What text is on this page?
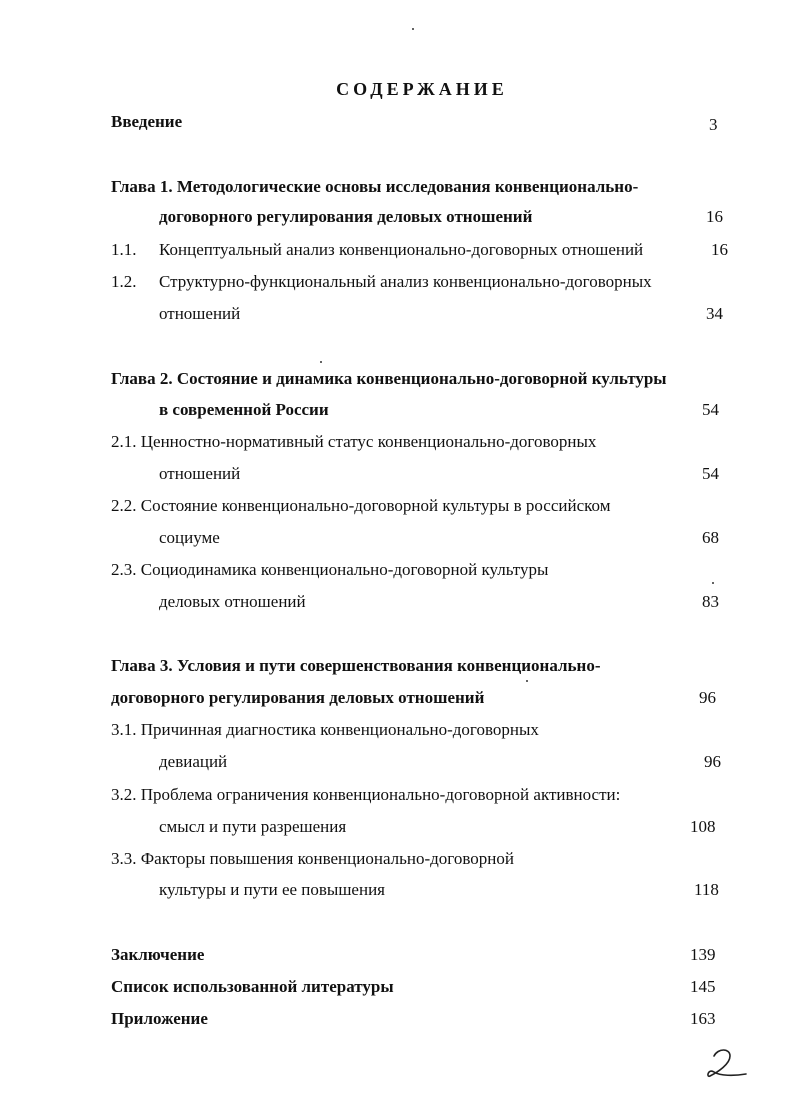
СОДЕРЖАНИЕ
Введение	3
Глава 1. Методологические основы исследования конвенционально-
договорного регулирования деловых отношений	16
1.1. Концептуальный анализ конвенционально-договорных отношений	16
1.2. Структурно-функциональный анализ конвенционально-договорных
отношений	34
Глава 2. Состояние и динамика конвенционально-договорной культуры
в современной России	54
2.1. Ценностно-нормативный статус конвенционально-договорных
отношений	54
2.2. Состояние конвенционально-договорной культуры в российском
социуме	68
2.3. Социодинамика конвенционально-договорной культуры
деловых отношений	83
Глава 3. Условия и пути совершенствования конвенционально-
договорного регулирования деловых отношений	96
3.1. Причинная диагностика конвенционально-договорных
девиаций	96
3.2. Проблема ограничения конвенционально-договорной активности:
смысл и пути разрешения	108
3.3. Факторы повышения конвенционально-договорной
культуры и пути ее повышения	118
Заключение	139
Список использованной литературы	145
Приложение	163
